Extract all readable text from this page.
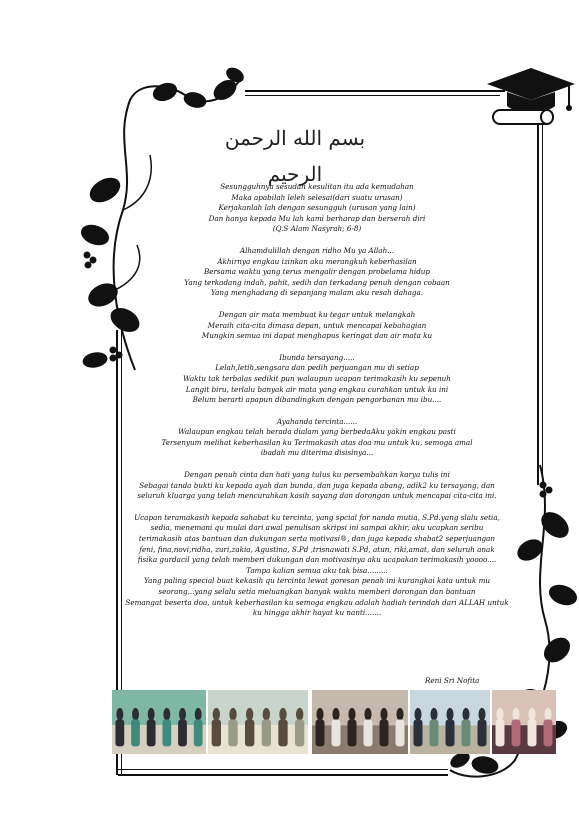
بسم الله الرحمن الرحيم

Sesungguhnya sesudah kesulitan itu ada kemudahan
Maka apabilah leleh selesai(dari suatu urusan)
Kerjakanlah lah dengan sesungguh (urusan yang lain)
Dan hanya kepada Mu lah kami berharap dan berserah diri
(Q.S Alam Nasyrah; 6-8)

Alhamdulillah dengan ridho Mu ya Allah...
Akhirnya engkau izinkan aku merangkuh keberhasilan
Bersama waktu yang terus mengalir dengan probelama hidup
Yang terkadang indah, pahit, sedih dan terkadang penuh dengan cobaan
Yang menghadang di sepanjang malam aku resah dahaga.

Dengan air mata membuat ku tegar untuk melangkah
Meraih cita-cita dimasa depan, untuk mencapai kebahagian
Mungkin semua ini dapat menghapus keringat dan air mata ku

Ibunda tersayang.....
Lelah,letih,sengsara dan pedih perjuangan mu di setiap
Waktu tak terbalas sedikit pun walaupun ucapan terimakasih ku sepenuh
Langit biru, terlalu banyak air mata yang engkau curahkan untuk ku ini
Belum berarti apapun dibandingkan dengan pengorbanan mu ibu....

Ayahanda tercinta......
Walaupun engkau telah berada dialam yang berbedaAku yakin engkau pasti
Tersenyum melihat keberhasilan ku Terimakasih atas doa mu untuk ku, semoga amal
ibadah mu diterima disisinya...

Dengan penuh cinta dan hati yang tulus ku persembahkan karya tulis ini
Sebagai tanda bukti ku kepada ayah dan bunda, dan juga kepada abang, adik2 ku tersayang, dan
seluruh kluarga yang telah mencurahkan kasih sayang dan dorongan untuk mencapai cita-cita ini.

Ucapan teramakasih kepada sahabat ku tercinta, yang spcial for nanda mutia, S.Pd.yang slalu setia,
sedia, menemani qu mulai dari awal penulisan skripsi ini sampai akhir, aku ucapkan seribu
terimakasih atas bantuan dan dukungan serta motivasi®, dan juga kepada shabat2 seperjuangan
feni, fina,novi,ridha, zuri,zakia, Agustina, S.Pd ,trisnawati S.Pd, atun, riki,amat, dan seluruh anak
fisika gurdacil yang telah memberi dukungan dan motivasinya aku ucapakan terimakasih yoooo....
Tampa kalian semua aku tak bisa.........
Yang paling special buat kekasih qu tercinta lewat goresan penah ini kurangkai kata untuk mu
seorang...yang selalu setia meluangkan banyak waktu memberi dorongan dan bantuan
Semangat beserta doa, untuk keberhasilan ku semoga engkau adalah hadiah terindah dari ALLAH untuk
ku hingga akhir hayat ku nanti.......

Reni Sri Nofita
